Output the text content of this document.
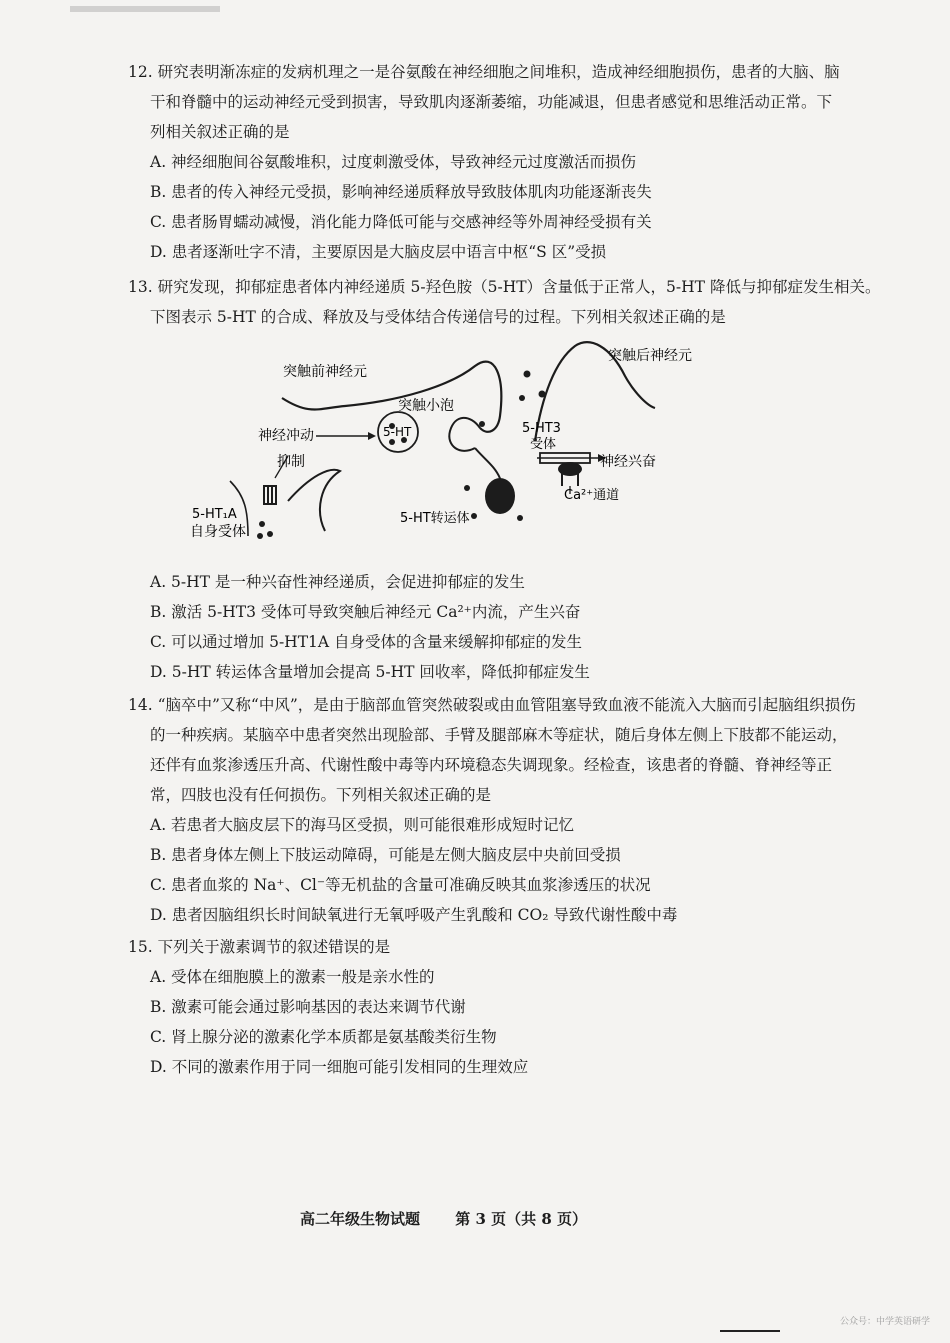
12. 研究表明渐冻症的发病机理之一是谷氨酸在神经细胞之间堆积，造成神经细胞损伤，患者的大脑、脑

干和脊髓中的运动神经元受到损害，导致肌肉逐渐萎缩，功能减退，但患者感觉和思维活动正常。下

列相关叙述正确的是

A. 神经细胞间谷氨酸堆积，过度刺激受体，导致神经元过度激活而损伤

B. 患者的传入神经元受损，影响神经递质释放导致肢体肌肉功能逐渐丧失

C. 患者肠胃蠕动减慢，消化能力降低可能与交感神经等外周神经受损有关

D. 患者逐渐吐字不清，主要原因是大脑皮层中语言中枢“S 区”受损

13. 研究发现，抑郁症患者体内神经递质 5-羟色胺（5-HT）含量低于正常人，5-HT 降低与抑郁症发生相关。

下图表示 5-HT 的合成、释放及与受体结合传递信号的过程。下列相关叙述正确的是

5-HT
突触前神经元
突触后神经元
突触小泡
神经冲动
抑制
5-HT3
受体
神经兴奋
Ca²⁺通道
5-HT转运体
5-HT₁A
自身受体

A. 5-HT 是一种兴奋性神经递质，会促进抑郁症的发生

B. 激活 5-HT3 受体可导致突触后神经元 Ca²⁺内流，产生兴奋

C. 可以通过增加 5-HT1A 自身受体的含量来缓解抑郁症的发生

D. 5-HT 转运体含量增加会提高 5-HT 回收率，降低抑郁症发生

14. “脑卒中”又称“中风”，是由于脑部血管突然破裂或由血管阻塞导致血液不能流入大脑而引起脑组织损伤

的一种疾病。某脑卒中患者突然出现脸部、手臂及腿部麻木等症状，随后身体左侧上下肢都不能运动，

还伴有血浆渗透压升高、代谢性酸中毒等内环境稳态失调现象。经检查，该患者的脊髓、脊神经等正

常，四肢也没有任何损伤。下列相关叙述正确的是

A. 若患者大脑皮层下的海马区受损，则可能很难形成短时记忆

B. 患者身体左侧上下肢运动障碍，可能是左侧大脑皮层中央前回受损

C. 患者血浆的 Na⁺、Cl⁻等无机盐的含量可准确反映其血浆渗透压的状况

D. 患者因脑组织长时间缺氧进行无氧呼吸产生乳酸和 CO₂ 导致代谢性酸中毒

15. 下列关于激素调节的叙述错误的是

A. 受体在细胞膜上的激素一般是亲水性的

B. 激素可能会通过影响基因的表达来调节代谢

C. 肾上腺分泌的激素化学本质都是氨基酸类衍生物

D. 不同的激素作用于同一细胞可能引发相同的生理效应

高二年级生物试题 第 3 页（共 8 页）
公众号：中学英语研学
